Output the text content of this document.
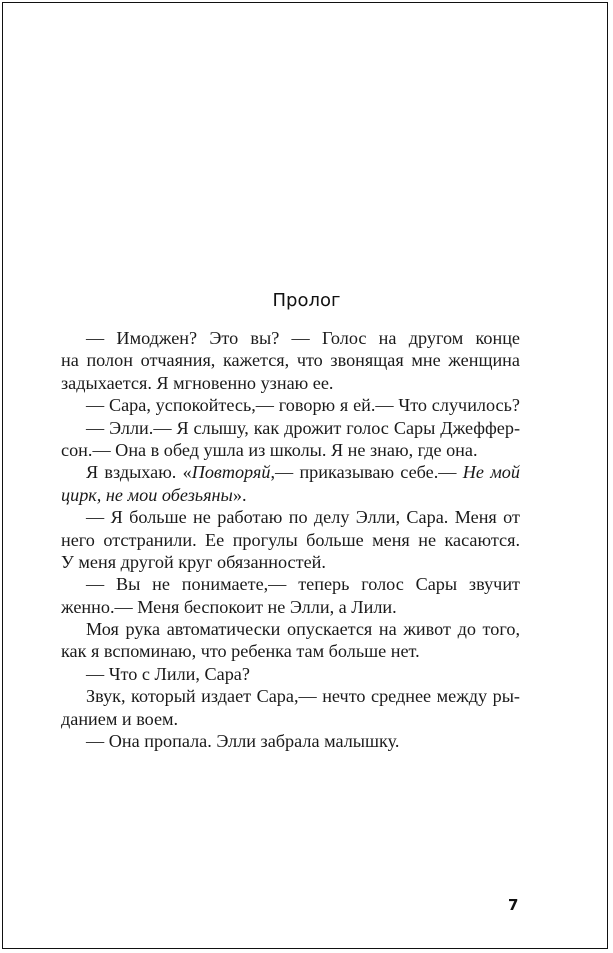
Пролог
— Имоджен? Это вы? — Голос на другом конце
на полон отчаяния, кажется, что звонящая мне женщина
задыхается. Я мгновенно узнаю ее.
— Сара, успокойтесь,— говорю я ей.— Что случилось?
— Элли.— Я слышу, как дрожит голос Сары Джеффер-
сон.— Она в обед ушла из школы. Я не знаю, где она.
Я вздыхаю. «Повторяй,— приказываю себе.— Не мой
цирк, не мои обезьяны».
— Я больше не работаю по делу Элли, Сара. Меня от
него отстранили. Ее прогулы больше меня не касаются.
У меня другой круг обязанностей.
— Вы не понимаете,— теперь голос Сары звучит
женно.— Меня беспокоит не Элли, а Лили.
Моя рука автоматически опускается на живот до того,
как я вспоминаю, что ребенка там больше нет.
— Что с Лили, Сара?
Звук, который издает Сара,— нечто среднее между ры-
данием и воем.
— Она пропала. Элли забрала малышку.
7
